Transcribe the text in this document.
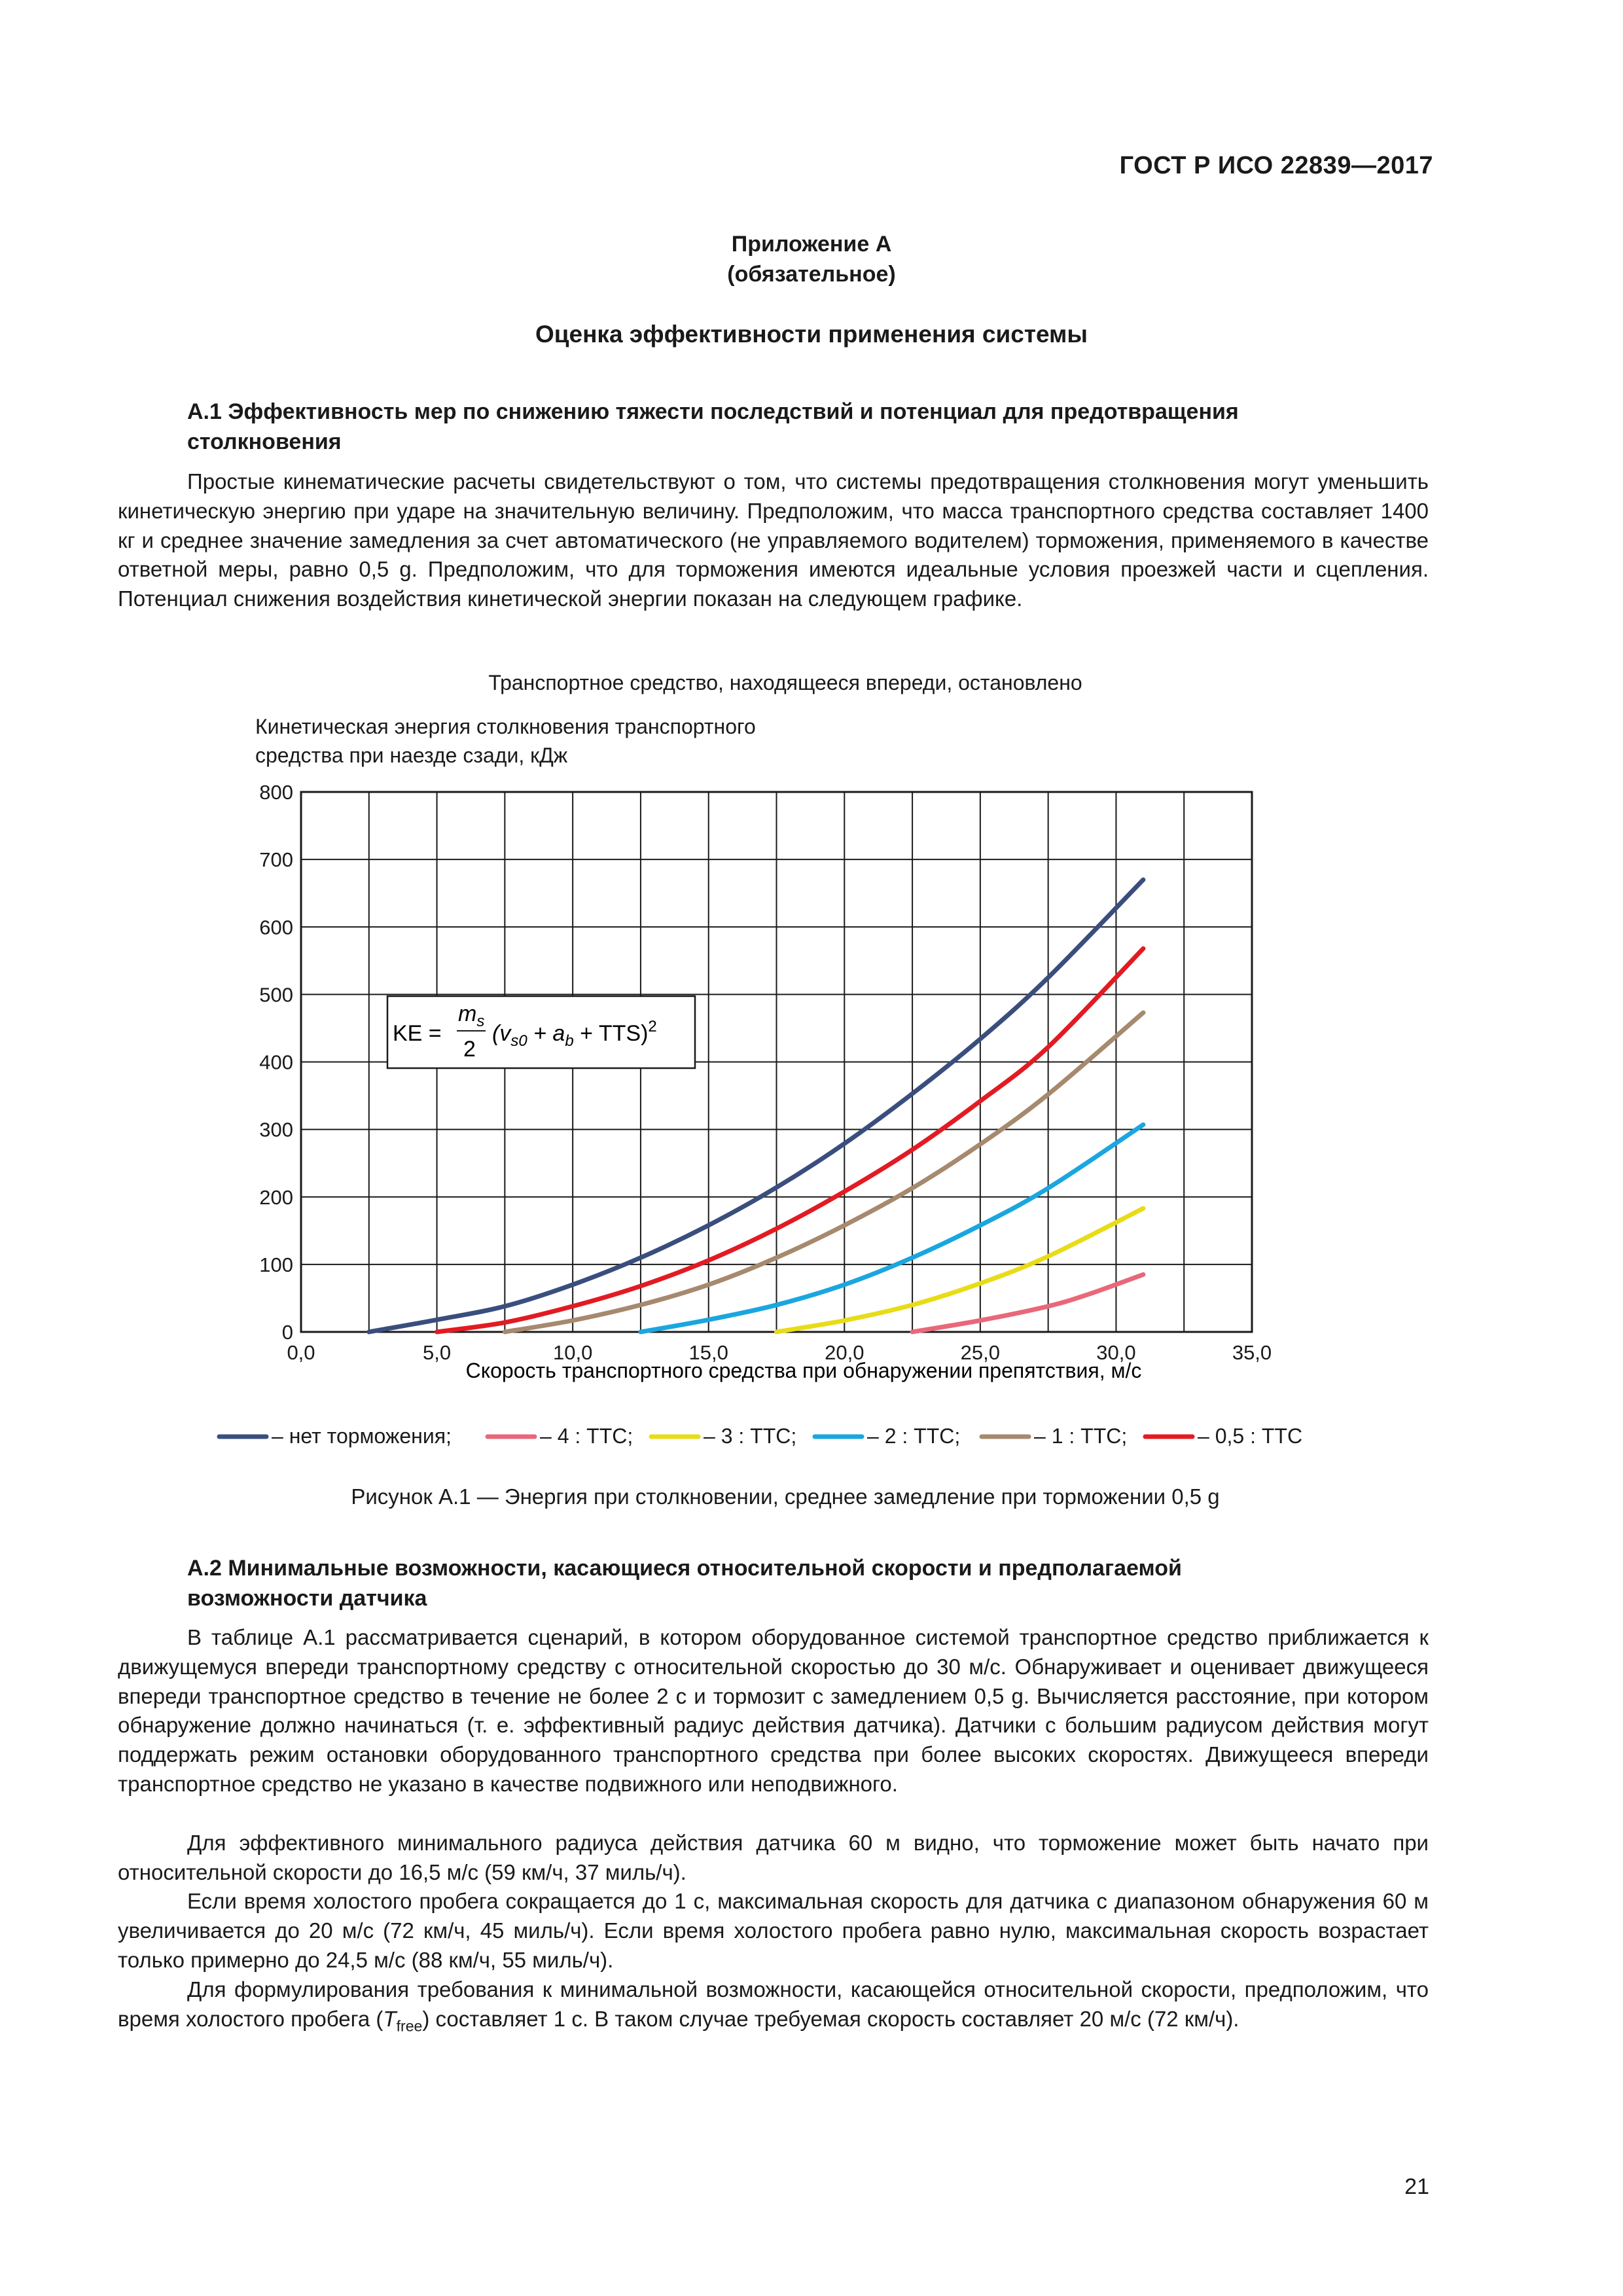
ГОСТ Р ИСО 22839—2017
Приложение А
(обязательное)
Оценка эффективности применения системы
А.1 Эффективность мер по снижению тяжести последствий и потенциал для предотвращения
столкновения

Простые кинематические расчеты свидетельствуют о том, что системы предотвращения столкновения могут уменьшить кинетическую энергию при ударе на значительную величину. Предположим, что масса транспортного средства составляет 1400 кг и среднее значение замедления за счет автоматического (не управляемого водителем) торможения, применяемого в качестве ответной меры, равно 0,5 g. Предположим, что для торможения имеются идеальные условия проезжей части и сцепления. Потенциал снижения воздействия кинетической энергии показан на следующем графике.

Транспортное средство, находящееся впереди, остановлено
Кинетическая энергия столкновения транспортного
средства при наезде сзади, кДж
0,0	5,0	10,0	15,0	20,0	25,0	30,0	35,0
0
100
200
300
400
500
600
700
800
KE =
$m_s$
2
$(v_{s0} + a_b + TTS)^2$
Скорость транспортного средства при обнаружении препятствия, м/с
– нет торможения;	– 4 : ТТС;	– 3 : ТТС;	– 2 : ТТС;	– 1 : ТТС;	– 0,5 : ТТС
Рисунок А.1 — Энергия при столкновении, среднее замедление при торможении 0,5 g
А.2 Минимальные возможности, касающиеся относительной скорости и предполагаемой
возможности датчика

В таблице А.1 рассматривается сценарий, в котором оборудованное системой транспортное средство приближается к движущемуся впереди транспортному средству с относительной скоростью до 30 м/с. Обнаруживает и оценивает движущееся впереди транспортное средство в течение не более 2 с и тормозит с замедлением 0,5 g. Вычисляется расстояние, при котором обнаружение должно начинаться (т. е. эффективный радиус действия датчика). Датчики с большим радиусом действия могут поддержать режим остановки оборудованного транспортного средства при более высоких скоростях. Движущееся впереди транспортное средство не указано в качестве подвижного или неподвижного.

Для эффективного минимального радиуса действия датчика 60 м видно, что торможение может быть начато при относительной скорости до 16,5 м/с (59 км/ч, 37 миль/ч).

Если время холостого пробега сокращается до 1 с, максимальная скорость для датчика с диапазоном обнаружения 60 м увеличивается до 20 м/с (72 км/ч, 45 миль/ч). Если время холостого пробега равно нулю, максимальная скорость возрастает только примерно до 24,5 м/с (88 км/ч, 55 миль/ч).

Для формулирования требования к минимальной возможности, касающейся относительной скорости, предположим, что время холостого пробега $(T_{free})$ составляет 1 с. В таком случае требуемая скорость составляет 20 м/с (72 км/ч).

21
